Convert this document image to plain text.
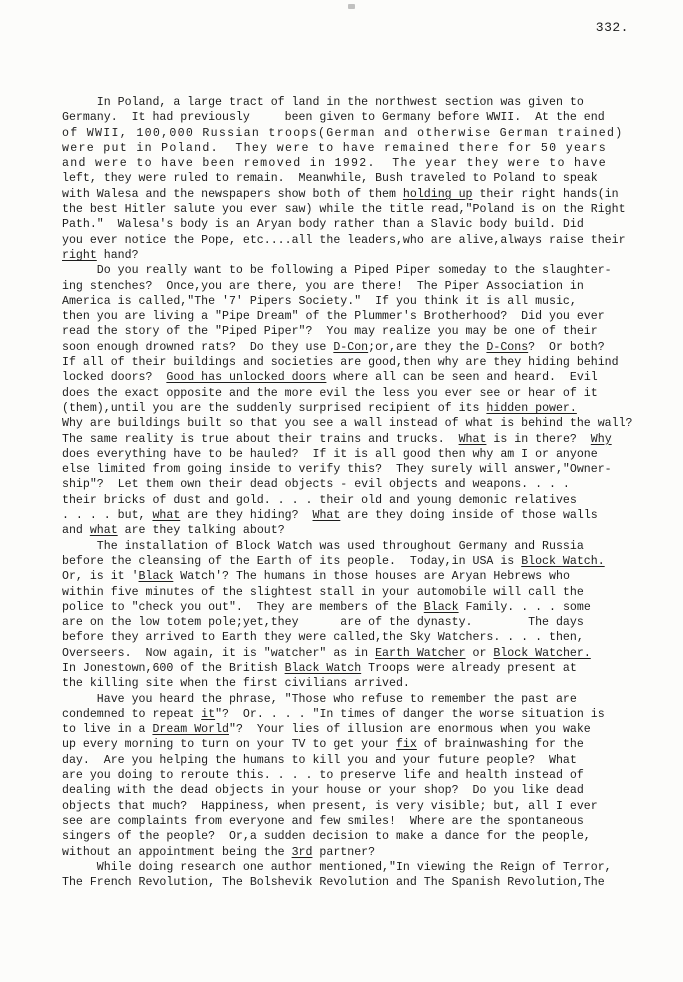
332.
In Poland, a large tract of land in the northwest section was given to
Germany.  It had previously     been given to Germany before WWII.  At the end
of WWII, 100,000 Russian troops(German and otherwise German trained)
were put in Poland.  They were to have remained there for 50 years
and were to have been removed in 1992.  The year they were to have
left, they were ruled to remain.  Meanwhile, Bush traveled to Poland to speak
with Walesa and the newspapers show both of them holding up their right hands(in
the best Hitler salute you ever saw) while the title read,"Poland is on the Right
Path."  Walesa's body is an Aryan body rather than a Slavic body build. Did
you ever notice the Pope, etc....all the leaders,who are alive,always raise their
right hand?
Do you really want to be following a Piped Piper someday to the slaughter-
ing stenches?  Once,you are there, you are there!  The Piper Association in
America is called,"The '7' Pipers Society."  If you think it is all music,
then you are living a "Pipe Dream" of the Plummer's Brotherhood?  Did you ever
read the story of the "Piped Piper"?  You may realize you may be one of their
soon enough drowned rats?  Do they use D-Con;or,are they the D-Cons?  Or both?
If all of their buildings and societies are good,then why are they hiding behind
locked doors?  Good has unlocked doors where all can be seen and heard.  Evil
does the exact opposite and the more evil the less you ever see or hear of it
(them),until you are the suddenly surprised recipient of its hidden power.
Why are buildings built so that you see a wall instead of what is behind the wall?
The same reality is true about their trains and trucks.  What is in there?  Why
does everything have to be hauled?  If it is all good then why am I or anyone
else limited from going inside to verify this?  They surely will answer,"Owner-
ship"?  Let them own their dead objects - evil objects and weapons. . . .
their bricks of dust and gold. . . . their old and young demonic relatives
. . . . but, what are they hiding?  What are they doing inside of those walls
and what are they talking about?
The installation of Block Watch was used throughout Germany and Russia
before the cleansing of the Earth of its people.  Today,in USA is Block Watch.
Or, is it 'Black Watch'? The humans in those houses are Aryan Hebrews who
within five minutes of the slightest stall in your automobile will call the
police to "check you out".  They are members of the Black Family. . . . some
are on the low totem pole;yet,they      are of the dynasty.        The days
before they arrived to Earth they were called,the Sky Watchers. . . . then,
Overseers.  Now again, it is "watcher" as in Earth Watcher or Block Watcher.
In Jonestown,600 of the British Black Watch Troops were already present at
the killing site when the first civilians arrived.
Have you heard the phrase, "Those who refuse to remember the past are
condemned to repeat it"?  Or. . . . "In times of danger the worse situation is
to live in a Dream World"?  Your lies of illusion are enormous when you wake
up every morning to turn on your TV to get your fix of brainwashing for the
day.  Are you helping the humans to kill you and your future people?  What
are you doing to reroute this. . . . to preserve life and health instead of
dealing with the dead objects in your house or your shop?  Do you like dead
objects that much?  Happiness, when present, is very visible; but, all I ever
see are complaints from everyone and few smiles!  Where are the spontaneous
singers of the people?  Or,a sudden decision to make a dance for the people,
without an appointment being the 3rd partner?
While doing research one author mentioned,"In viewing the Reign of Terror,
The French Revolution, The Bolshevik Revolution and The Spanish Revolution,The
